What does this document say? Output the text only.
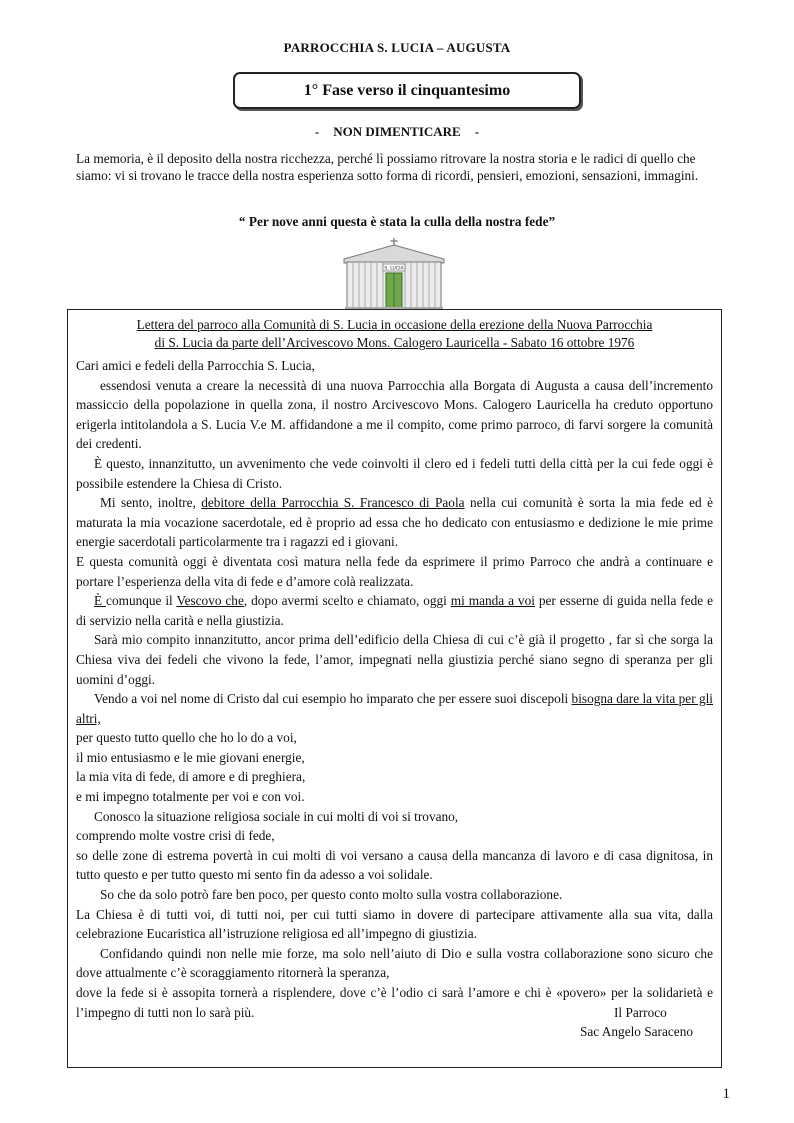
PARROCCHIA S. LUCIA – AUGUSTA
1° Fase verso il cinquantesimo
- NON DIMENTICARE -
La memoria, è il deposito della nostra ricchezza, perché lì possiamo ritrovare la nostra storia e le radici di quello che siamo: vi si trovano le tracce della nostra esperienza sotto forma di ricordi, pensieri, emozioni, sensazioni, immagini.
“ Per nove anni questa è stata la culla della nostra fede”
S. LUCIA
Lettera del parroco alla Comunità di S. Lucia in occasione della erezione della Nuova Parrocchia
di S. Lucia da parte dell’Arcivescovo Mons. Calogero Lauricella - Sabato 16 ottobre 1976

Cari amici e fedeli della Parrocchia S. Lucia,

essendosi venuta a creare la necessità di una nuova Parrocchia alla Borgata di Augusta a causa dell’incremento massiccio della popolazione in quella zona, il nostro Arcivescovo Mons. Calogero Lauricella ha creduto opportuno erigerla intitolandola a S. Lucia V.e M. affidandone a me il compito, come primo parroco, di farvi sorgere la comunità dei credenti.

È questo, innanzitutto, un avvenimento che vede coinvolti il clero ed i fedeli tutti della città per la cui fede oggi è possibile estendere la Chiesa di Cristo.

Mi sento, inoltre, debitore della Parrocchia S. Francesco di Paola nella cui comunità è sorta la mia fede ed è maturata la mia vocazione sacerdotale, ed è proprio ad essa che ho dedicato con entusiasmo e dedizione le mie prime energie sacerdotali particolarmente tra i ragazzi ed i giovani.

E questa comunità oggi è diventata così matura nella fede da esprimere il primo Parroco che andrà a continuare e portare l’esperienza della vita di fede e d’amore colà realizzata.

È comunque il Vescovo che, dopo avermi scelto e chiamato, oggi mi manda a voi per esserne di guida nella fede e di servizio nella carità e nella giustizia.

Sarà mio compito innanzitutto, ancor prima dell’edificio della Chiesa di cui c’è già il progetto , far sì che sorga la Chiesa viva dei fedeli che vivono la fede, l’amor, impegnati nella giustizia perché siano segno di speranza per gli uomini d’oggi.

Vendo a voi nel nome di Cristo dal cui esempio ho imparato che per essere suoi discepoli bisogna dare la vita per gli altri,

per questo tutto quello che ho lo do a voi,

il mio entusiasmo e le mie giovani energie,

la mia vita di fede, di amore e di preghiera,

e mi impegno totalmente per voi e con voi.

Conosco la situazione religiosa sociale in cui molti di voi si trovano,

comprendo molte vostre crisi di fede,

so delle zone di estrema povertà in cui molti di voi versano a causa della mancanza di lavoro e di casa dignitosa, in tutto questo e per tutto questo mi sento fin da adesso a voi solidale.

So che da solo potrò fare ben poco, per questo conto molto sulla vostra collaborazione.

La Chiesa è di tutti voi, di tutti noi, per cui tutti siamo in dovere di partecipare attivamente alla sua vita, dalla celebrazione Eucaristica all’istruzione religiosa ed all’impegno di giustizia.

Confidando quindi non nelle mie forze, ma solo nell’aiuto di Dio e sulla vostra collaborazione sono sicuro che dove attualmente c’è scoraggiamento ritornerà la speranza,

dove la fede si è assopita tornerà a risplendere, dove c’è l’odio ci sarà l’amore e chi è «povero» per la solidarietà e l’impegno di tutti non lo sarà più.	Il Parroco
Sac Angelo Saraceno
1
